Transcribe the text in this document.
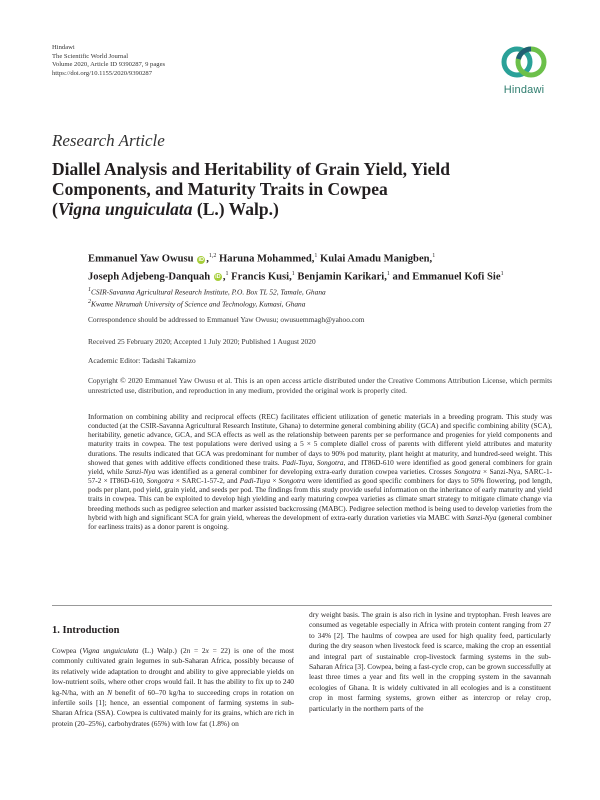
Hindawi
The Scientific World Journal
Volume 2020, Article ID 9390287, 9 pages
https://doi.org/10.1155/2020/9390287
Hindawi
Research Article
Diallel Analysis and Heritability of Grain Yield, Yield
Components, and Maturity Traits in Cowpea
(Vigna unguiculata (L.) Walp.)
Emmanuel Yaw Owusu iD ,$^{1,2}$ Haruna Mohammed,$^1$ Kulai Amadu Manigben,$^1$
Joseph Adjebeng-Danquah iD ,$^1$ Francis Kusi,$^1$ Benjamin Karikari,$^1$ and Emmanuel Kofi Sie$^1$
$^1$CSIR-Savanna Agricultural Research Institute, P.O. Box TL 52, Tamale, Ghana
$^2$Kwame Nkrumah University of Science and Technology, Kumasi, Ghana
Correspondence should be addressed to Emmanuel Yaw Owusu; owusuemmagh@yahoo.com
Received 25 February 2020; Accepted 1 July 2020; Published 1 August 2020
Academic Editor: Tadashi Takamizo
Copyright © 2020 Emmanuel Yaw Owusu et al. This is an open access article distributed under the Creative Commons Attribution License, which permits unrestricted use, distribution, and reproduction in any medium, provided the original work is properly cited.
Information on combining ability and reciprocal effects (REC) facilitates efficient utilization of genetic materials in a breeding program. This study was conducted (at the CSIR-Savanna Agricultural Research Institute, Ghana) to determine general combining ability (GCA) and specific combining ability (SCA), heritability, genetic advance, GCA, and SCA effects as well as the relationship between parents per se performance and progenies for yield components and maturity traits in cowpea. The test populations were derived using a 5 × 5 complete diallel cross of parents with different yield attributes and maturity durations. The results indicated that GCA was predominant for number of days to 90% pod maturity, plant height at maturity, and hundred-seed weight. This showed that genes with additive effects conditioned these traits. Padi-Tuya, Songotra, and IT86D-610 were identified as good general combiners for grain yield, while Sanzi-Nya was identified as a general combiner for developing extra-early duration cowpea varieties. Crosses Songotra × Sanzi-Nya, SARC-1-57-2 × IT86D-610, Songotra × SARC-1-57-2, and Padi-Tuya × Songotra were identified as good specific combiners for days to 50% flowering, pod length, pods per plant, pod yield, grain yield, and seeds per pod. The findings from this study provide useful information on the inheritance of early maturity and yield traits in cowpea. This can be exploited to develop high yielding and early maturing cowpea varieties as climate smart strategy to mitigate climate change via breeding methods such as pedigree selection and marker assisted backcrossing (MABC). Pedigree selection method is being used to develop varieties from the hybrid with high and significant SCA for grain yield, whereas the development of extra-early duration varieties via MABC with Sanzi-Nya (general combiner for earliness traits) as a donor parent is ongoing.
1. Introduction
Cowpea (Vigna unguiculata (L.) Walp.) (2n = 2x = 22) is one of the most commonly cultivated grain legumes in sub-Saharan Africa, possibly because of its relatively wide adaptation to drought and ability to give appreciable yields on low-nutrient soils, where other crops would fail. It has the ability to fix up to 240 kg-N/ha, with an N benefit of 60–70 kg/ha to succeeding crops in rotation on infertile soils [1]; hence, an essential component of farming systems in sub-Sharan Africa (SSA). Cowpea is cultivated mainly for its grains, which are rich in protein (20–25%), carbohydrates (65%) with low fat (1.8%) on
dry weight basis. The grain is also rich in lysine and tryptophan. Fresh leaves are consumed as vegetable especially in Africa with protein content ranging from 27 to 34% [2]. The haulms of cowpea are used for high quality feed, particularly during the dry season when livestock feed is scarce, making the crop an essential and integral part of sustainable crop-livestock farming systems in the sub-Saharan Africa [3]. Cowpea, being a fast-cycle crop, can be grown successfully at least three times a year and fits well in the cropping system in the savannah ecologies of Ghana. It is widely cultivated in all ecologies and is a constituent crop in most farming systems, grown either as intercrop or relay crop, particularly in the northern parts of the
